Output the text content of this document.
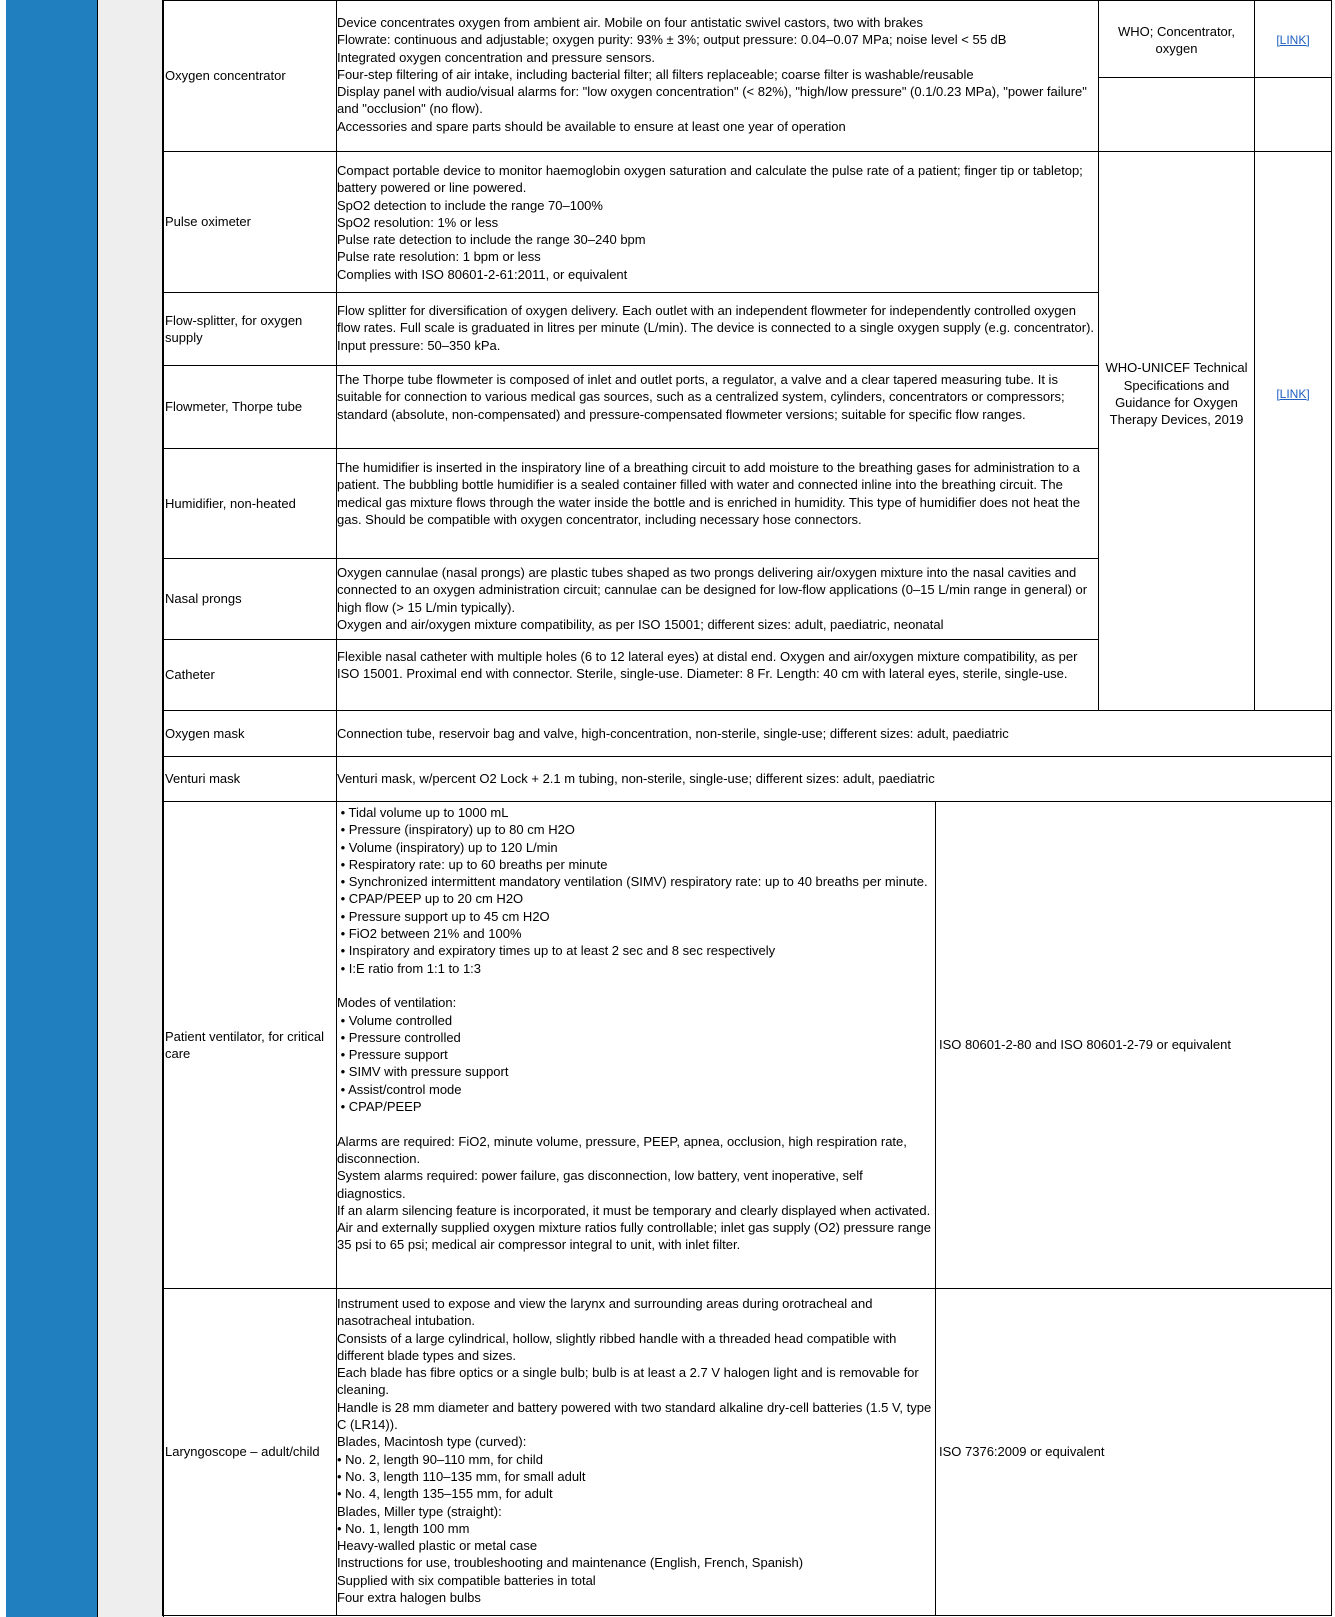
Oxygen concentrator
Device concentrates oxygen from ambient air. Mobile on four antistatic swivel castors, two with brakes
Flowrate: continuous and adjustable; oxygen purity: 93% ± 3%; output pressure: 0.04–0.07 MPa; noise level < 55 dB
Integrated oxygen concentration and pressure sensors.
Four-step filtering of air intake, including bacterial filter; all filters replaceable; coarse filter is washable/reusable
Display panel with audio/visual alarms for: "low oxygen concentration" (< 82%), "high/low pressure" (0.1/0.23 MPa), "power failure" and "occlusion" (no flow).
Accessories and spare parts should be available to ensure at least one year of operation
Pulse oximeter
Compact portable device to monitor haemoglobin oxygen saturation and calculate the pulse rate of a patient; finger tip or tabletop; battery powered or line powered.
SpO2 detection to include the range 70–100%
SpO2 resolution: 1% or less
Pulse rate detection to include the range 30–240 bpm
Pulse rate resolution: 1 bpm or less
Complies with ISO 80601-2-61:2011, or equivalent
Flow-splitter, for oxygen supply
Flow splitter for diversification of oxygen delivery. Each outlet with an independent flowmeter for independently controlled oxygen flow rates. Full scale is graduated in litres per minute (L/min). The device is connected to a single oxygen supply (e.g. concentrator). Input pressure: 50–350 kPa.
Flowmeter, Thorpe tube
The Thorpe tube flowmeter is composed of inlet and outlet ports, a regulator, a valve and a clear tapered measuring tube. It is suitable for connection to various medical gas sources, such as a centralized system, cylinders, concentrators or compressors; standard (absolute, non-compensated) and pressure-compensated flowmeter versions; suitable for specific flow ranges.
Humidifier, non-heated
The humidifier is inserted in the inspiratory line of a breathing circuit to add moisture to the breathing gases for administration to a patient. The bubbling bottle humidifier is a sealed container filled with water and connected inline into the breathing circuit. The medical gas mixture flows through the water inside the bottle and is enriched in humidity. This type of humidifier does not heat the gas. Should be compatible with oxygen concentrator, including necessary hose connectors.
Nasal prongs
Oxygen cannulae (nasal prongs) are plastic tubes shaped as two prongs delivering air/oxygen mixture into the nasal cavities and connected to an oxygen administration circuit; cannulae can be designed for low-flow applications (0–15 L/min range in general) or high flow (> 15 L/min typically).
Oxygen and air/oxygen mixture compatibility, as per ISO 15001; different sizes: adult, paediatric, neonatal
Catheter
Flexible nasal catheter with multiple holes (6 to 12 lateral eyes) at distal end. Oxygen and air/oxygen mixture compatibility, as per ISO 15001. Proximal end with connector. Sterile, single-use. Diameter: 8 Fr. Length: 40 cm with lateral eyes, sterile, single-use.
WHO-UNICEF Technical Specifications and Guidance for Oxygen Therapy Devices, 2019
[LINK]
WHO; Concentrator, oxygen
[LINK]
Oxygen mask	Connection tube, reservoir bag and valve, high-concentration, non-sterile, single-use; different sizes: adult, paediatric
Venturi mask	Venturi mask, w/percent O2 Lock + 2.1 m tubing, non-sterile, single-use; different sizes: adult, paediatric
Patient ventilator, for critical care
• Tidal volume up to 1000 mL
• Pressure (inspiratory) up to 80 cm H2O
• Volume (inspiratory) up to 120 L/min
• Respiratory rate: up to 60 breaths per minute
• Synchronized intermittent mandatory ventilation (SIMV) respiratory rate: up to 40 breaths per minute.
• CPAP/PEEP up to 20 cm H2O
• Pressure support up to 45 cm H2O
• FiO2 between 21% and 100%
• Inspiratory and expiratory times up to at least 2 sec and 8 sec respectively
• I:E ratio from 1:1 to 1:3

Modes of ventilation:
• Volume controlled
• Pressure controlled
• Pressure support
• SIMV with pressure support
• Assist/control mode
• CPAP/PEEP

Alarms are required: FiO2, minute volume, pressure, PEEP, apnea, occlusion, high respiration rate, disconnection.
System alarms required: power failure, gas disconnection, low battery, vent inoperative, self diagnostics.
If an alarm silencing feature is incorporated, it must be temporary and clearly displayed when activated.
Air and externally supplied oxygen mixture ratios fully controllable; inlet gas supply (O2) pressure range 35 psi to 65 psi; medical air compressor integral to unit, with inlet filter.
ISO 80601-2-80 and ISO 80601-2-79 or equivalent
Laryngoscope – adult/child
Instrument used to expose and view the larynx and surrounding areas during orotracheal and nasotracheal intubation.
Consists of a large cylindrical, hollow, slightly ribbed handle with a threaded head compatible with different blade types and sizes.
Each blade has fibre optics or a single bulb; bulb is at least a 2.7 V halogen light and is removable for cleaning.
Handle is 28 mm diameter and battery powered with two standard alkaline dry-cell batteries (1.5 V, type C (LR14)).
Blades, Macintosh type (curved):
• No. 2, length 90–110 mm, for child
• No. 3, length 110–135 mm, for small adult
• No. 4, length 135–155 mm, for adult
Blades, Miller type (straight):
• No. 1, length 100 mm
Heavy-walled plastic or metal case
Instructions for use, troubleshooting and maintenance (English, French, Spanish)
Supplied with six compatible batteries in total
Four extra halogen bulbs
ISO 7376:2009 or equivalent
